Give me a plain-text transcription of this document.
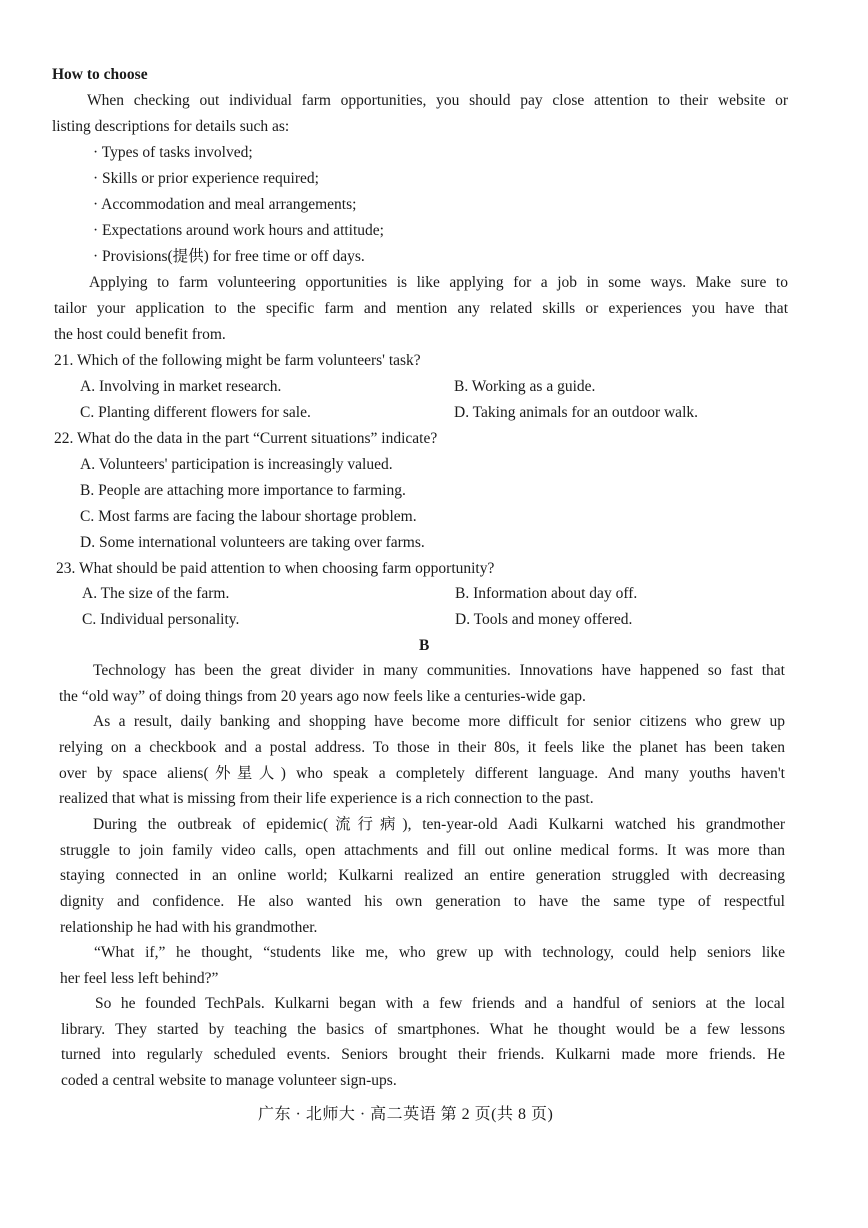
How to choose
When checking out individual farm opportunities, you should pay close attention to their website or
listing descriptions for details such as:
· Types of tasks involved;
· Skills or prior experience required;
· Accommodation and meal arrangements;
· Expectations around work hours and attitude;
· Provisions(提供) for free time or off days.
Applying to farm volunteering opportunities is like applying for a job in some ways. Make sure to
tailor your application to the specific farm and mention any related skills or experiences you have that
the host could benefit from.
21. Which of the following might be farm volunteers' task?
A. Involving in market research.	B. Working as a guide.
C. Planting different flowers for sale.	D. Taking animals for an outdoor walk.
22. What do the data in the part “Current situations” indicate?
A. Volunteers' participation is increasingly valued.
B. People are attaching more importance to farming.
C. Most farms are facing the labour shortage problem.
D. Some international volunteers are taking over farms.
23. What should be paid attention to when choosing farm opportunity?
A. The size of the farm.	B. Information about day off.
C. Individual personality.	D. Tools and money offered.
B
Technology has been the great divider in many communities. Innovations have happened so fast that
the “old way” of doing things from 20 years ago now feels like a centuries-wide gap.
As a result, daily banking and shopping have become more difficult for senior citizens who grew up
relying on a checkbook and a postal address. To those in their 80s, it feels like the planet has been taken
over by space aliens(外星人) who speak a completely different language. And many youths haven't
realized that what is missing from their life experience is a rich connection to the past.
During the outbreak of epidemic(流行病), ten-year-old Aadi Kulkarni watched his grandmother
struggle to join family video calls, open attachments and fill out online medical forms. It was more than
staying connected in an online world; Kulkarni realized an entire generation struggled with decreasing
dignity and confidence. He also wanted his own generation to have the same type of respectful
relationship he had with his grandmother.
“What if,” he thought, “students like me, who grew up with technology, could help seniors like
her feel less left behind?”
So he founded TechPals. Kulkarni began with a few friends and a handful of seniors at the local
library. They started by teaching the basics of smartphones. What he thought would be a few lessons
turned into regularly scheduled events. Seniors brought their friends. Kulkarni made more friends. He
coded a central website to manage volunteer sign-ups.
广东 · 北师大 · 高二英语 第 2 页(共 8 页)
